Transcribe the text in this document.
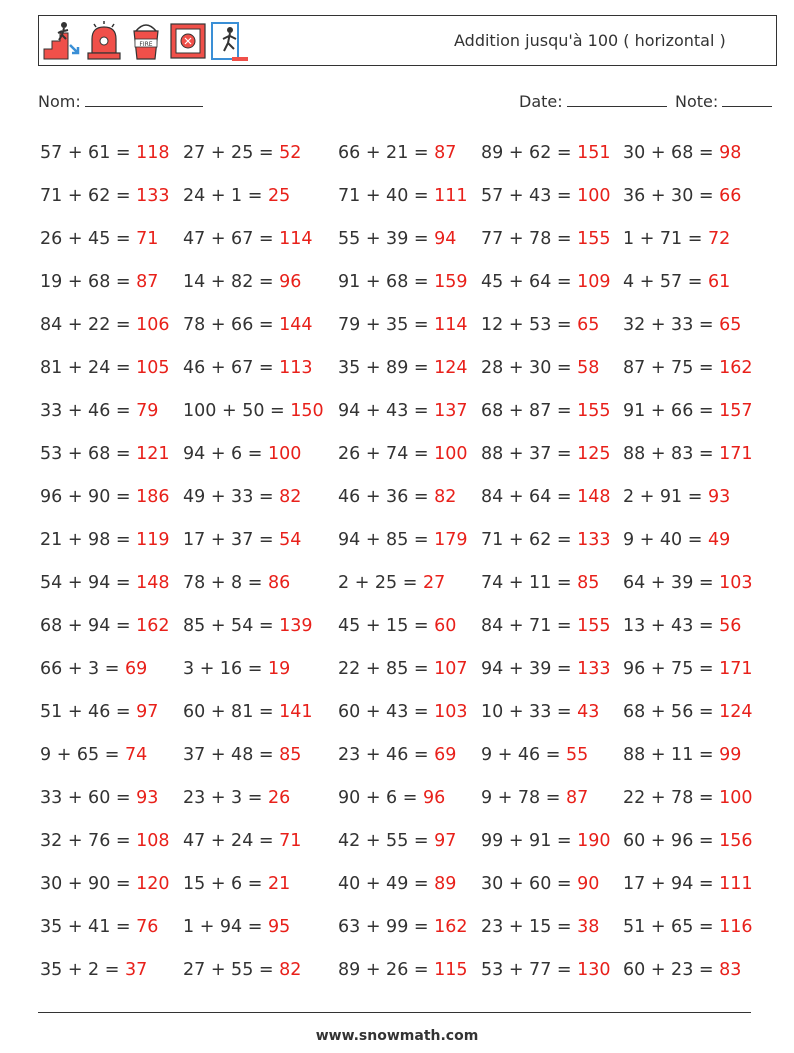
FIRE	Addition jusqu'à 100 ( horizontal )
Nom:	Date:	Note:
57 + 61 = 118 27 + 25 = 52 66 + 21 = 87 89 + 62 = 151 30 + 68 = 98
71 + 62 = 133 24 + 1 = 25	71 + 40 = 111 57 + 43 = 100 36 + 30 = 66
26 + 45 = 71 47 + 67 = 114 55 + 39 = 94 77 + 78 = 155 1 + 71 = 72
19 + 68 = 87 14 + 82 = 96 91 + 68 = 159 45 + 64 = 109 4 + 57 = 61
84 + 22 = 106 78 + 66 = 144 79 + 35 = 114 12 + 53 = 65 32 + 33 = 65
81 + 24 = 105 46 + 67 = 113 35 + 89 = 124 28 + 30 = 58 87 + 75 = 162
33 + 46 = 79 100 + 50 = 150 94 + 43 = 137 68 + 87 = 155 91 + 66 = 157
53 + 68 = 121 94 + 6 = 100 26 + 74 = 100 88 + 37 = 125 88 + 83 = 171
96 + 90 = 186 49 + 33 = 82 46 + 36 = 82 84 + 64 = 148 2 + 91 = 93
21 + 98 = 119 17 + 37 = 54 94 + 85 = 179 71 + 62 = 133 9 + 40 = 49
54 + 94 = 148 78 + 8 = 86	2 + 25 = 27 74 + 11 = 85 64 + 39 = 103
68 + 94 = 162 85 + 54 = 139 45 + 15 = 60 84 + 71 = 155 13 + 43 = 56
66 + 3 = 69 3 + 16 = 19	22 + 85 = 107 94 + 39 = 133 96 + 75 = 171
51 + 46 = 97 60 + 81 = 141 60 + 43 = 103 10 + 33 = 43 68 + 56 = 124
9 + 65 = 74 37 + 48 = 85 23 + 46 = 69 9 + 46 = 55 88 + 11 = 99
33 + 60 = 93 23 + 3 = 26	90 + 6 = 96 9 + 78 = 87 22 + 78 = 100
32 + 76 = 108 47 + 24 = 71 42 + 55 = 97 99 + 91 = 190 60 + 96 = 156
30 + 90 = 120 15 + 6 = 21	40 + 49 = 89 30 + 60 = 90 17 + 94 = 111
35 + 41 = 76 1 + 94 = 95	63 + 99 = 162 23 + 15 = 38 51 + 65 = 116
35 + 2 = 37 27 + 55 = 82 89 + 26 = 115 53 + 77 = 130 60 + 23 = 83
www.snowmath.com
